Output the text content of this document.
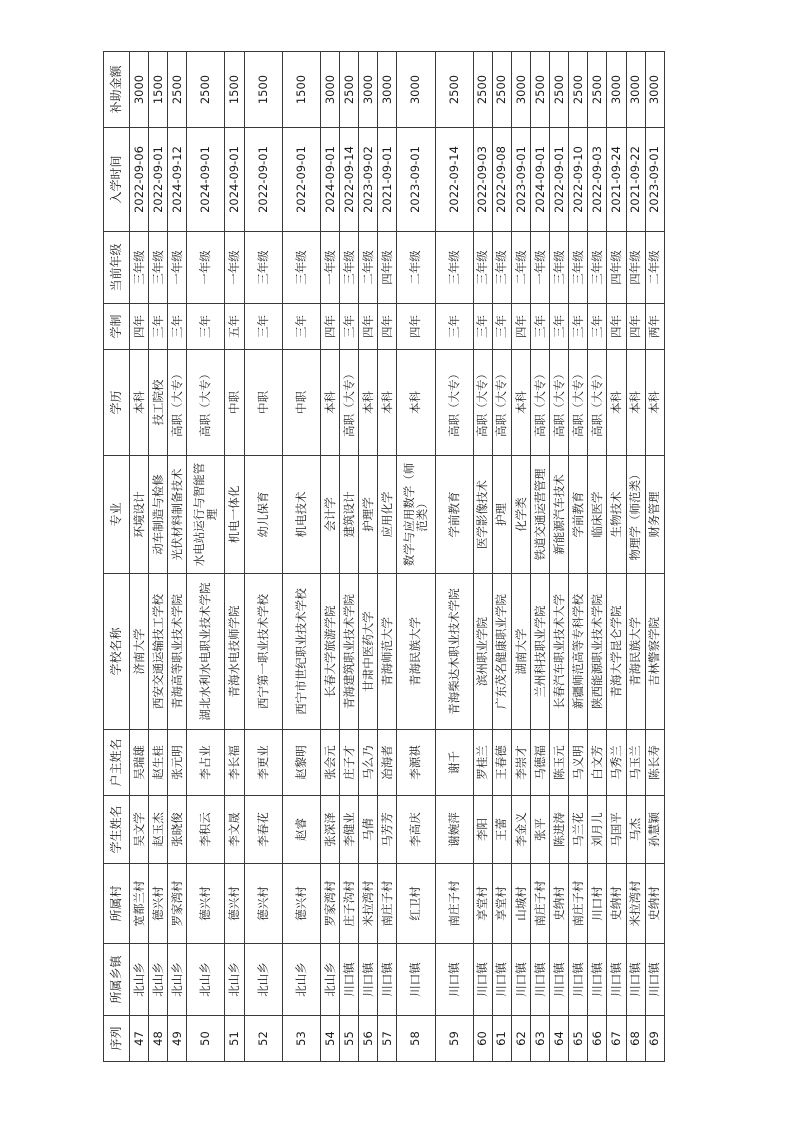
序列	所属乡镇	所属村	学生姓名	户主姓名	学校名称	专业	学历	学制	当前年级	入学时间	补助金额
47	北山乡	宽都兰村	吴文学	吴瑞雄	济南大学	环境设计	本科	四年	三年级	2022-09-06	3000
48	北山乡	德兴村	赵玉杰	赵生桂	西安交通运输技工学校	动车制造与检修	技工院校	三年	三年级	2022-09-01	1500
49	北山乡	罗家湾村	张晓俊	张元明	青海高等职业技术学院	光伏材料制备技术	高职（大专）	三年	一年级	2024-09-12	2500
50	北山乡	德兴村	李积云	李占业	湖北水利水电职业技术学院	水电站运行与智能管理	高职（大专）	三年	一年级	2024-09-01	2500
51	北山乡	德兴村	李文晟	李长福	青海水电技师学院	机电一体化	中职	五年	一年级	2024-09-01	1500
52	北山乡	德兴村	李春花	李更业	西宁第一职业技术学校	幼儿保育	中职	三年	三年级	2022-09-01	1500
53	北山乡	德兴村	赵睿	赵黎明	西宁市世纪职业技术学校	机电技术	中职	三年	三年级	2022-09-01	1500
54	北山乡	罗家湾村	张深泽	张会元	长春大学旅游学院	会计学	本科	四年	一年级	2024-09-01	3000
55	川口镇	庄子沟村	李健业	庄子才	青海建筑职业技术学院	建筑设计	高职（大专）	三年	三年级	2022-09-14	2500
56	川口镇	米拉湾村	马倩	马么乃	甘肃中医药大学	护理学	本科	四年	二年级	2023-09-02	3000
57	川口镇	南庄子村	马芳芳	冶海者	青海师范大学	应用化学	本科	四年	四年级	2021-09-01	3000
58	川口镇	红卫村	李高庆	李源祺	青海民族大学	数学与应用数学（师范类）	本科	四年	二年级	2023-09-01	3000
59	川口镇	南庄子村	谢婉萍	谢千	青海柴达木职业技术学院	学前教育	高职（大专）	三年	三年级	2022-09-14	2500
60	川口镇	享堂村	李阳	罗桂兰	滨州职业学院	医学影像技术	高职（大专）	三年	三年级	2022-09-03	2500
61	川口镇	享堂村	王蕾	王春德	广东茂名健康职业学院	护理	高职（大专）	三年	三年级	2022-09-08	2500
62	川口镇	山城村	李金义	李崇才	湖南大学	化学类	本科	四年	二年级	2023-09-01	3000
63	川口镇	南庄子村	张平	马德福	兰州科技职业学院	铁道交通运营管理	高职（大专）	三年	一年级	2024-09-01	2500
64	川口镇	史纳村	陈进涛	陈玉元	长春汽车职业技术大学	新能源汽车技术	高职（大专）	三年	三年级	2022-09-01	2500
65	川口镇	南庄子村	马兰花	马义明	新疆师范高等专科学校	学前教育	高职（大专）	三年	三年级	2022-09-10	2500
66	川口镇	川口村	刘月儿	白文芳	陕西能源职业技术学院	临床医学	高职（大专）	三年	三年级	2022-09-03	2500
67	川口镇	史纳村	马国平	马秀兰	青海大学昆仑学院	生物技术	本科	四年	四年级	2021-09-24	3000
68	川口镇	米拉湾村	马杰	马玉兰	青海民族大学	物理学（师范类）	本科	四年	四年级	2021-09-22	3000
69	川口镇	史纳村	孙慧颖	陈长寿	吉林警察学院	财务管理	本科	两年	二年级	2023-09-01	3000
